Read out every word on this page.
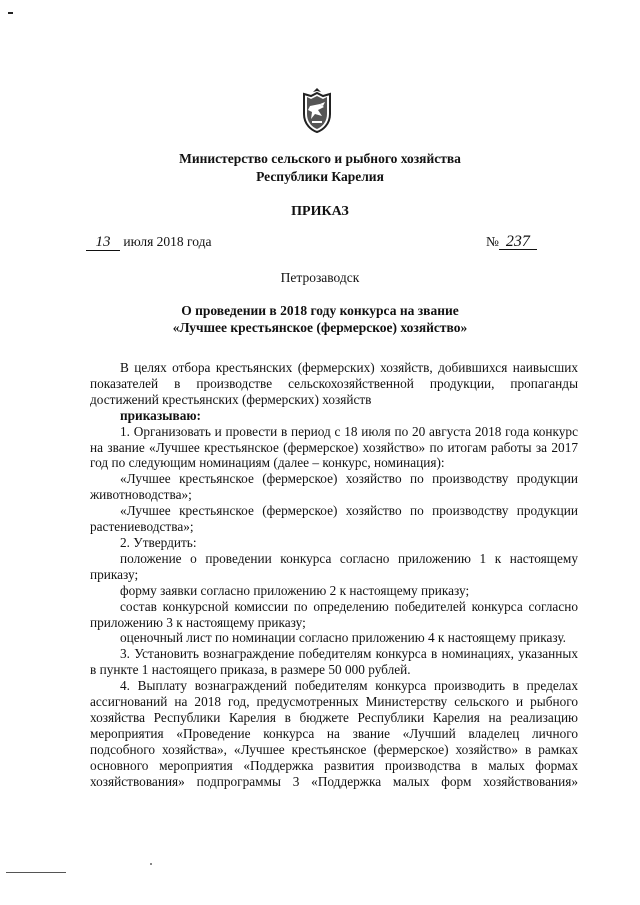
Министерство сельского и рыбного хозяйства
Республики Карелия
ПРИКАЗ
13 июля 2018 года	№ 237
Петрозаводск
О проведении в 2018 году конкурса на звание
«Лучшее крестьянское (фермерское) хозяйство»

В целях отбора крестьянских (фермерских) хозяйств, добившихся наивысших показателей в производстве сельскохозяйственной продукции, пропаганды достижений крестьянских (фермерских) хозяйств

приказываю:

1. Организовать и провести в период с 18 июля по 20 августа 2018 года конкурс на звание «Лучшее крестьянское (фермерское) хозяйство» по итогам работы за 2017 год по следующим номинациям (далее – конкурс, номинация):

«Лучшее крестьянское (фермерское) хозяйство по производству продукции животноводства»;

«Лучшее крестьянское (фермерское) хозяйство по производству продукции растениеводства»;

2. Утвердить:

положение о проведении конкурса согласно приложению 1 к настоящему приказу;

форму заявки согласно приложению 2 к настоящему приказу;

состав конкурсной комиссии по определению победителей конкурса согласно приложению 3 к настоящему приказу;

оценочный лист по номинации согласно приложению 4 к настоящему приказу.

3. Установить вознаграждение победителям конкурса в номинациях, указанных в пункте 1 настоящего приказа, в размере 50 000 рублей.

4. Выплату вознаграждений победителям конкурса производить в пределах ассигнований на 2018 год, предусмотренных Министерству сельского и рыбного хозяйства Республики Карелия в бюджете Республики Карелия на реализацию мероприятия «Проведение конкурса на звание «Лучший владелец личного подсобного хозяйства», «Лучшее крестьянское (фермерское) хозяйство» в рамках основного мероприятия «Поддержка развития производства в малых формах хозяйствования» подпрограммы 3 «Поддержка малых форм хозяйствования»
